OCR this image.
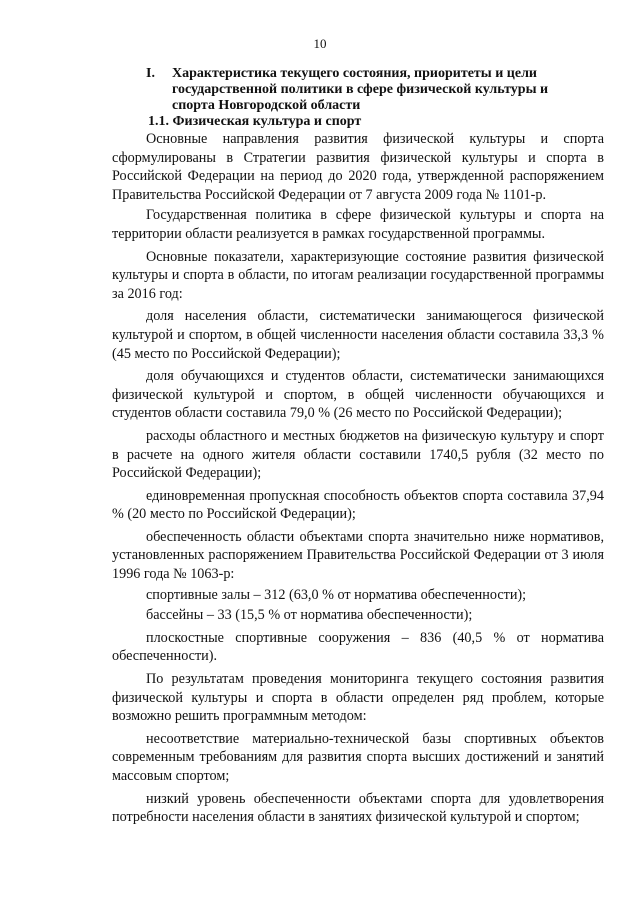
10
I. Характеристика текущего состояния, приоритеты и цели государственной политики в сфере физической культуры и спорта Новгородской области
1.1. Физическая культура и спорт

Основные направления развития физической культуры и спорта сформулированы в Стратегии развития физической культуры и спорта в Российской Федерации на период до 2020 года, утвержденной распоряжением Правительства Российской Федерации от 7 августа 2009 года № 1101-р.

Государственная политика в сфере физической культуры и спорта на территории области реализуется в рамках государственной программы.

Основные показатели, характеризующие состояние развития физической культуры и спорта в области, по итогам реализации государственной программы за 2016 год:

доля населения области, систематически занимающегося физической культурой и спортом, в общей численности населения области составила 33,3 % (45 место по Российской Федерации);

доля обучающихся и студентов области, систематически занимающихся физической культурой и спортом, в общей численности обучающихся и студентов области составила 79,0 % (26 место по Российской Федерации);

расходы областного и местных бюджетов на физическую культуру и спорт в расчете на одного жителя области составили 1740,5 рубля (32 место по Российской Федерации);

единовременная пропускная способность объектов спорта составила 37,94 % (20 место по Российской Федерации);

обеспеченность области объектами спорта значительно ниже нормативов, установленных распоряжением Правительства Российской Федерации от 3 июля 1996 года № 1063-р:

спортивные залы – 312 (63,0 % от норматива обеспеченности);

бассейны – 33 (15,5 % от норматива обеспеченности);

плоскостные спортивные сооружения – 836 (40,5 % от норматива обеспеченности).

По результатам проведения мониторинга текущего состояния развития физической культуры и спорта в области определен ряд проблем, которые возможно решить программным методом:

несоответствие материально-технической базы спортивных объектов современным требованиям для развития спорта высших достижений и занятий массовым спортом;

низкий уровень обеспеченности объектами спорта для удовлетворения потребности населения области в занятиях физической культурой и спортом;
